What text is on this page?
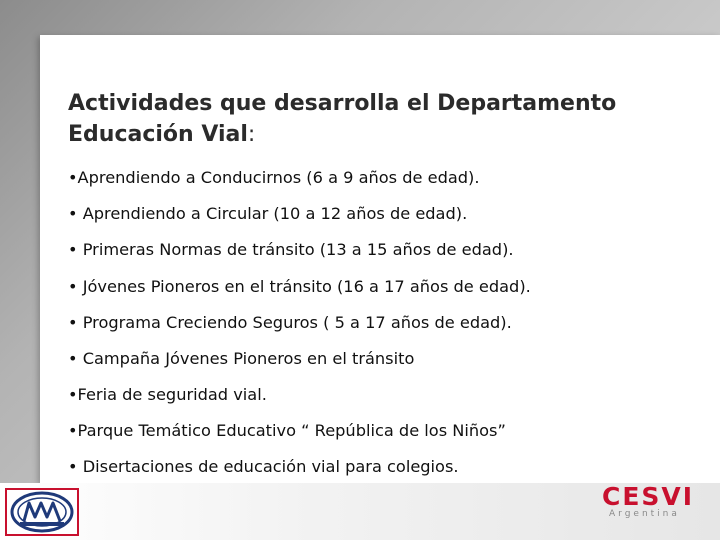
Actividades que desarrolla el Departamento Educación Vial:
•Aprendiendo a Conducirnos (6 a 9 años de edad).
• Aprendiendo a Circular (10 a 12 años de edad).
• Primeras Normas de tránsito (13 a 15 años de edad).
• Jóvenes Pioneros en el tránsito (16 a 17 años de edad).
• Programa Creciendo Seguros ( 5 a 17 años de edad).
• Campaña Jóvenes Pioneros en el tránsito
•Feria de seguridad vial.
•Parque Temático Educativo “ República de los Niños”
• Disertaciones de educación vial para colegios.
CESVI
Argentina
